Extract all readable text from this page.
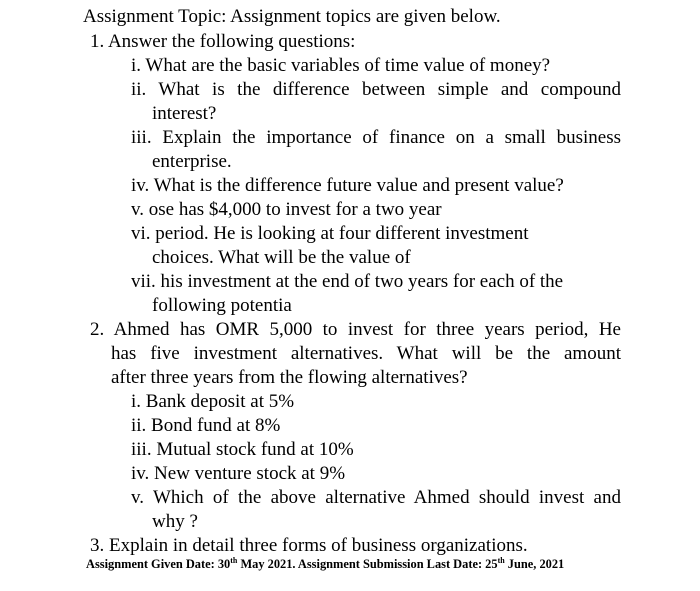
Assignment Topic: Assignment topics are given below.
1. Answer the following questions:
i. What are the basic variables of time value of money?
ii. What is the difference between simple and compound
interest?
iii. Explain the importance of finance on a small business
enterprise.
iv. What is the difference future value and present value?
v. ose has $4,000 to invest for a two year
vi. period. He is looking at four different investment
choices. What will be the value of
vii. his investment at the end of two years for each of the
following potentia
2. Ahmed has OMR 5,000 to invest for three years period, He
has five investment alternatives. What will be the amount
after three years from the flowing alternatives?
i. Bank deposit at 5%
ii. Bond fund at 8%
iii. Mutual stock fund at 10%
iv. New venture stock at 9%
v. Which of the above alternative Ahmed should invest and
why ?
3. Explain in detail three forms of business organizations.
Assignment Given Date: 30th May 2021. Assignment Submission Last Date: 25th June, 2021
